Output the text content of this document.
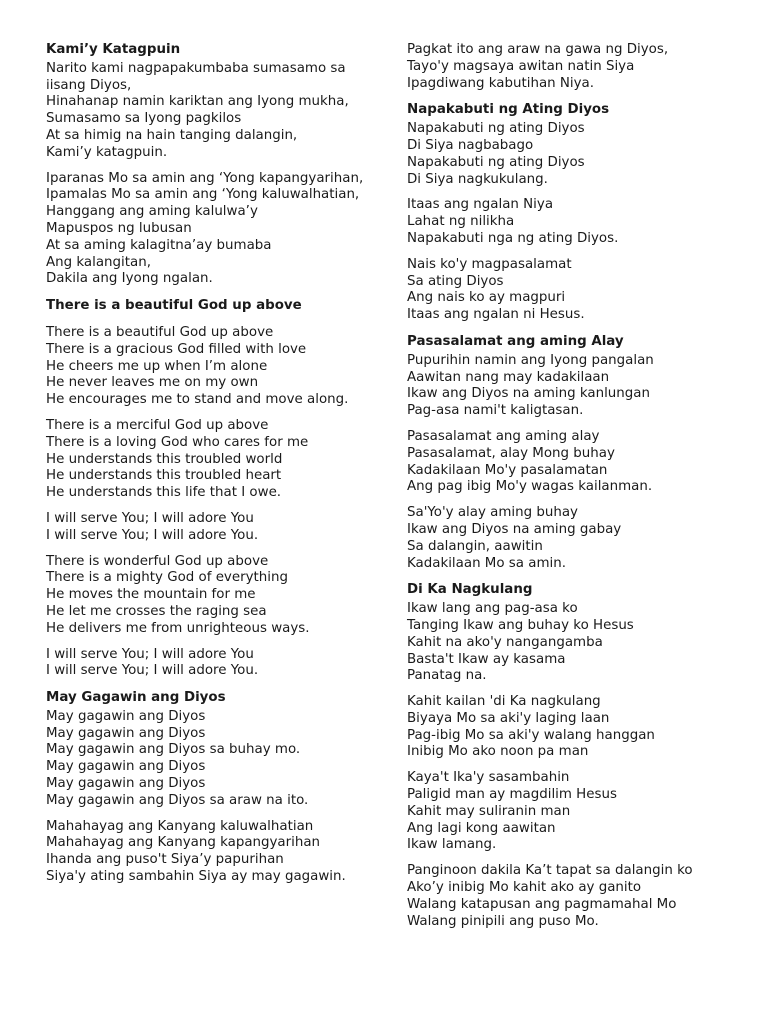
Kami’y Katagpuin
Narito kami nagpapakumbaba sumasamo sa iisang Diyos,
Hinahanap namin kariktan ang Iyong mukha,
Sumasamo sa Iyong pagkilos
At sa himig na hain tanging dalangin,
Kami’y katagpuin.
Iparanas Mo sa amin ang ‘Yong kapangyarihan,
Ipamalas Mo sa amin ang ‘Yong kaluwalhatian,
Hanggang ang aming kalulwa’y
Mapuspos ng lubusan
At sa aming kalagitna’ay bumaba
Ang kalangitan,
Dakila ang Iyong ngalan.
There is a beautiful God up above
There is a beautiful God up above
There is a gracious God filled with love
He cheers me up when I’m alone
He never leaves me on my own
He encourages me to stand and move along.
There is a merciful God up above
There is a loving God who cares for me
He understands this troubled world
He understands this troubled heart
He understands this life that I owe.
I will serve You; I will adore You
I will serve You; I will adore You.
There is wonderful God up above
There is a mighty God of everything
He moves the mountain for me
He let me crosses the raging sea
He delivers me from unrighteous ways.
I will serve You; I will adore You
I will serve You; I will adore You.
May Gagawin ang Diyos
May gagawin ang Diyos
May gagawin ang Diyos
May gagawin ang Diyos sa buhay mo.
May gagawin ang Diyos
May gagawin ang Diyos
May gagawin ang Diyos sa araw na ito.
Mahahayag ang Kanyang kaluwalhatian
Mahahayag ang Kanyang kapangyarihan
Ihanda ang puso't Siya’y papurihan
Siya'y ating sambahin Siya ay may gagawin.
Pagkat ito ang araw na gawa ng Diyos,
Tayo'y magsaya awitan natin Siya
Ipagdiwang kabutihan Niya.
Napakabuti ng Ating Diyos
Napakabuti ng ating Diyos
Di Siya nagbabago
Napakabuti ng ating Diyos
Di Siya nagkukulang.
Itaas ang ngalan Niya
Lahat ng nilikha
Napakabuti nga ng ating Diyos.
Nais ko'y magpasalamat
Sa ating Diyos
Ang nais ko ay magpuri
Itaas ang ngalan ni Hesus.
Pasasalamat ang aming Alay
Pupurihin namin ang Iyong pangalan
Aawitan nang may kadakilaan
Ikaw ang Diyos na aming kanlungan
Pag-asa nami't kaligtasan.
Pasasalamat ang aming alay
Pasasalamat, alay Mong buhay
Kadakilaan Mo'y pasalamatan
Ang pag ibig Mo'y wagas kailanman.
Sa'Yo'y alay aming buhay
Ikaw ang Diyos na aming gabay
Sa dalangin, aawitin
Kadakilaan Mo sa amin.
Di Ka Nagkulang
Ikaw lang ang pag-asa ko
Tanging Ikaw ang buhay ko Hesus
Kahit na ako'y nangangamba
Basta't Ikaw ay kasama
Panatag na.
Kahit kailan 'di Ka nagkulang
Biyaya Mo sa aki'y laging laan
Pag-ibig Mo sa aki'y walang hanggan
Inibig Mo ako noon pa man
Kaya't Ika'y sasambahin
Paligid man ay magdilim Hesus
Kahit may suliranin man
Ang lagi kong aawitan
Ikaw lamang.
Panginoon dakila Ka’t tapat sa dalangin ko
Ako’y inibig Mo kahit ako ay ganito
Walang katapusan ang pagmamahal Mo
Walang pinipili ang puso Mo.
